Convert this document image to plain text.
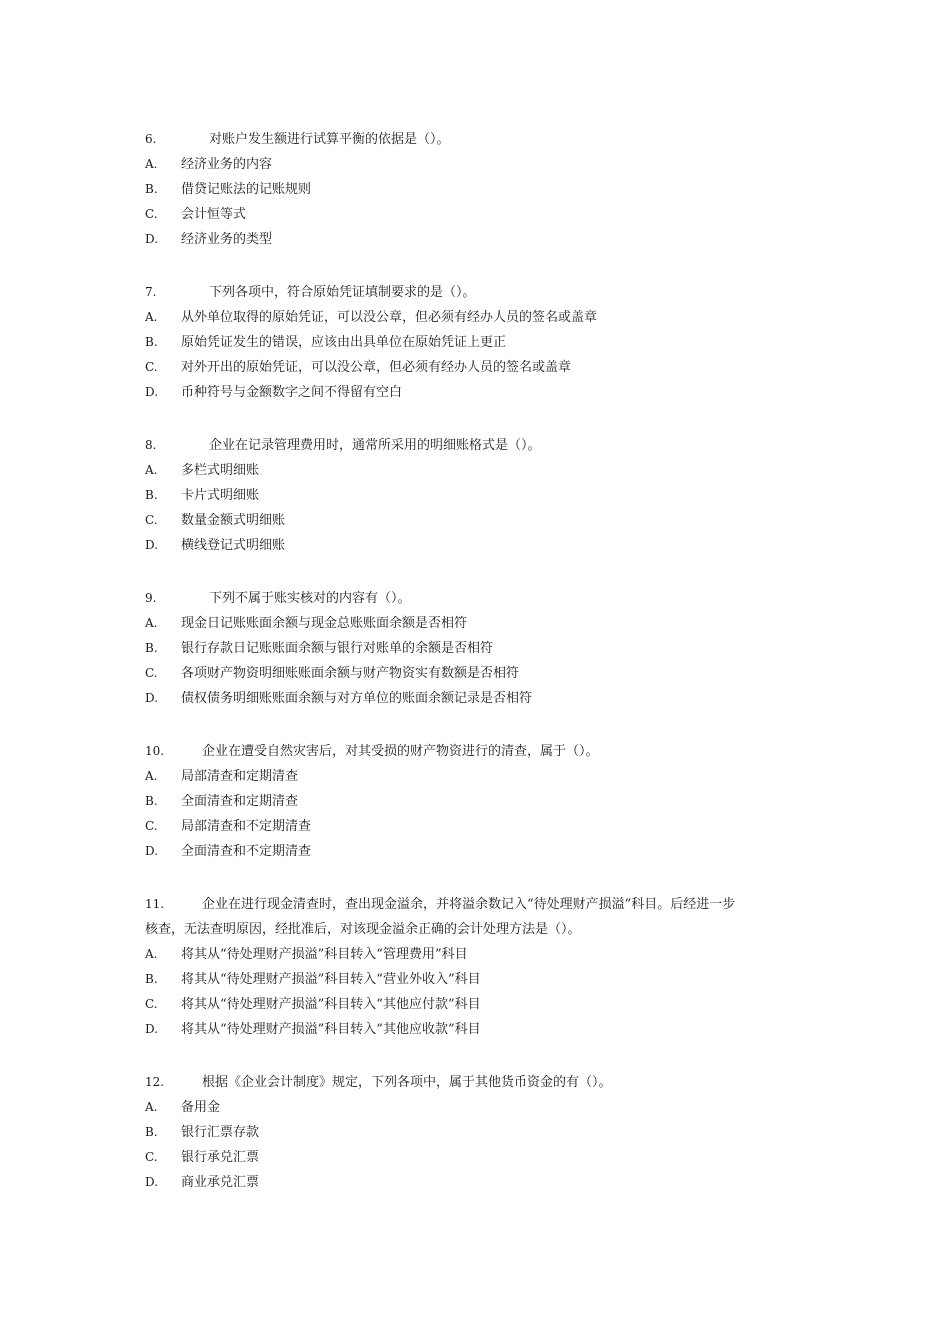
6.	对账户发生额进行试算平衡的依据是（）。
A. 经济业务的内容
B. 借贷记账法的记账规则
C. 会计恒等式
D. 经济业务的类型
7.	下列各项中，符合原始凭证填制要求的是（）。
A. 从外单位取得的原始凭证，可以没公章，但必须有经办人员的签名或盖章
B. 原始凭证发生的错误，应该由出具单位在原始凭证上更正
C. 对外开出的原始凭证，可以没公章，但必须有经办人员的签名或盖章
D. 币种符号与金额数字之间不得留有空白
8.	企业在记录管理费用时，通常所采用的明细账格式是（）。
A. 多栏式明细账
B. 卡片式明细账
C. 数量金额式明细账
D. 横线登记式明细账
9.	下列不属于账实核对的内容有（）。
A. 现金日记账账面余额与现金总账账面余额是否相符
B. 银行存款日记账账面余额与银行对账单的余额是否相符
C. 各项财产物资明细账账面余额与财产物资实有数额是否相符
D. 债权债务明细账账面余额与对方单位的账面余额记录是否相符
10.	企业在遭受自然灾害后，对其受损的财产物资进行的清查，属于（）。
A. 局部清查和定期清查
B. 全面清查和定期清查
C. 局部清查和不定期清查
D. 全面清查和不定期清查
11.	企业在进行现金清查时，查出现金溢余，并将溢余数记入“待处理财产损溢”科目。后经进一步
核查，无法查明原因，经批准后，对该现金溢余正确的会计处理方法是（）。
A. 将其从“待处理财产损溢”科目转入“管理费用”科目
B. 将其从“待处理财产损溢”科目转入“营业外收入”科目
C. 将其从“待处理财产损溢”科目转入“其他应付款”科目
D. 将其从“待处理财产损溢”科目转入“其他应收款”科目
12.	根据《企业会计制度》规定，下列各项中，属于其他货币资金的有（）。
A. 备用金
B. 银行汇票存款
C. 银行承兑汇票
D. 商业承兑汇票
